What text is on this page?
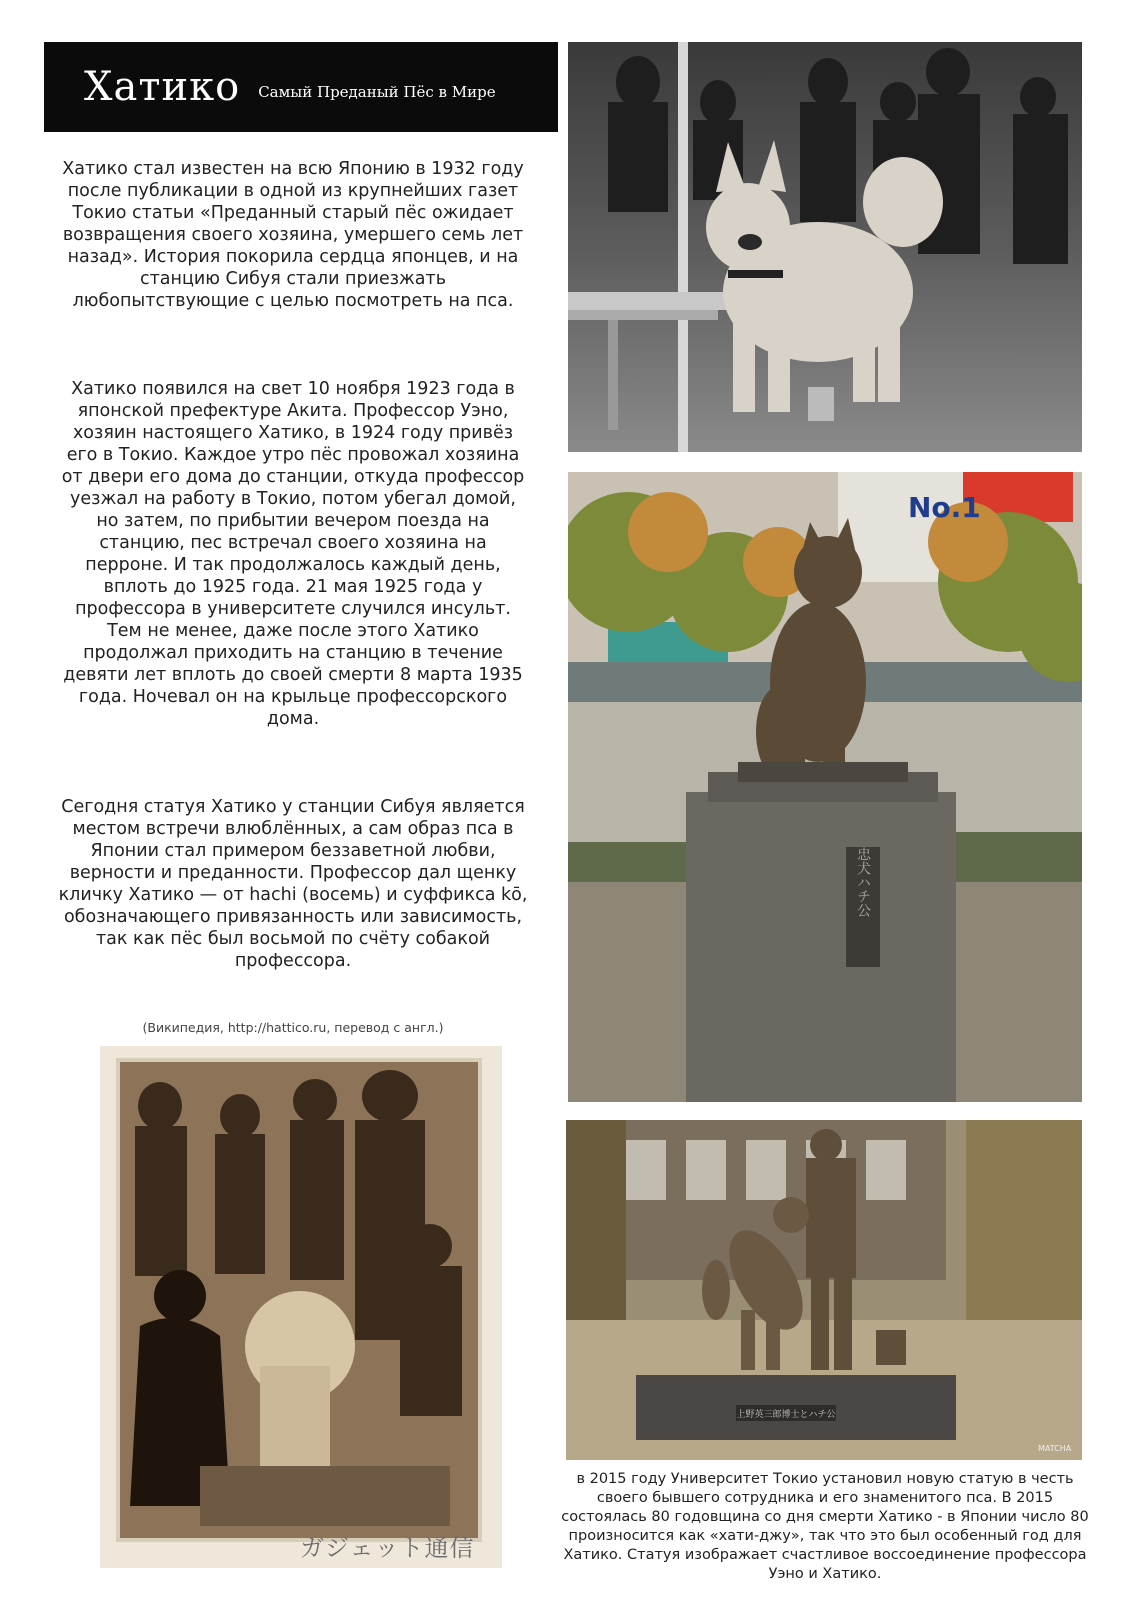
Хатико Самый Преданый Пёс в Мире

Хатико стал известен на всю Японию в 1932 году после публикации в одной из крупнейших газет Токио статьи «Преданный старый пёс ожидает возвращения своего хозяина, умершего семь лет назад». История покорила сердца японцев, и на станцию Сибуя стали приезжать любопытствующие с целью посмотреть на пса.

Хатико появился на свет 10 ноября 1923 года в японской префектуре Акита. Профессор Уэно, хозяин настоящего Хатико, в 1924 году привёз его в Токио. Каждое утро пёс провожал хозяина от двери его дома до станции, откуда профессор уезжал на работу в Токио, потом убегал домой, но затем, по прибытии вечером поезда на станцию, пес встречал своего хозяина на перроне. И так продолжалось каждый день, вплоть до 1925 года. 21 мая 1925 года у профессора в университете случился инсульт. Тем не менее, даже после этого Хатико продолжал приходить на станцию в течение девяти лет вплоть до своей смерти 8 марта 1935 года. Ночевал он на крыльце профессорского дома.

Сегодня статуя Хатико у станции Сибуя является местом встречи влюблённых, а сам образ пса в Японии стал примером беззаветной любви, верности и преданности. Профессор дал щенку кличку Хатико — от hachi (восемь) и суффикса kō, обозначающего привязанность или зависимость, так как пёс был восьмой по счёту собакой профессора.

(Википедия, http://hattico.ru, перевод с англ.)

忠犬ハチ公
No.1
ガジェット通信
上野英三郎博士とハチ公
MATCHA

в 2015 году Университет Токио установил новую статую в честь своего бывшего сотрудника и его знаменитого пса. В 2015 состоялась 80 годовщина со дня смерти Хатико - в Японии число 80 произносится как «хати-джу», так что это был особенный год для Хатико. Статуя изображает счастливое воссоединение профессора Уэно и Хатико.
